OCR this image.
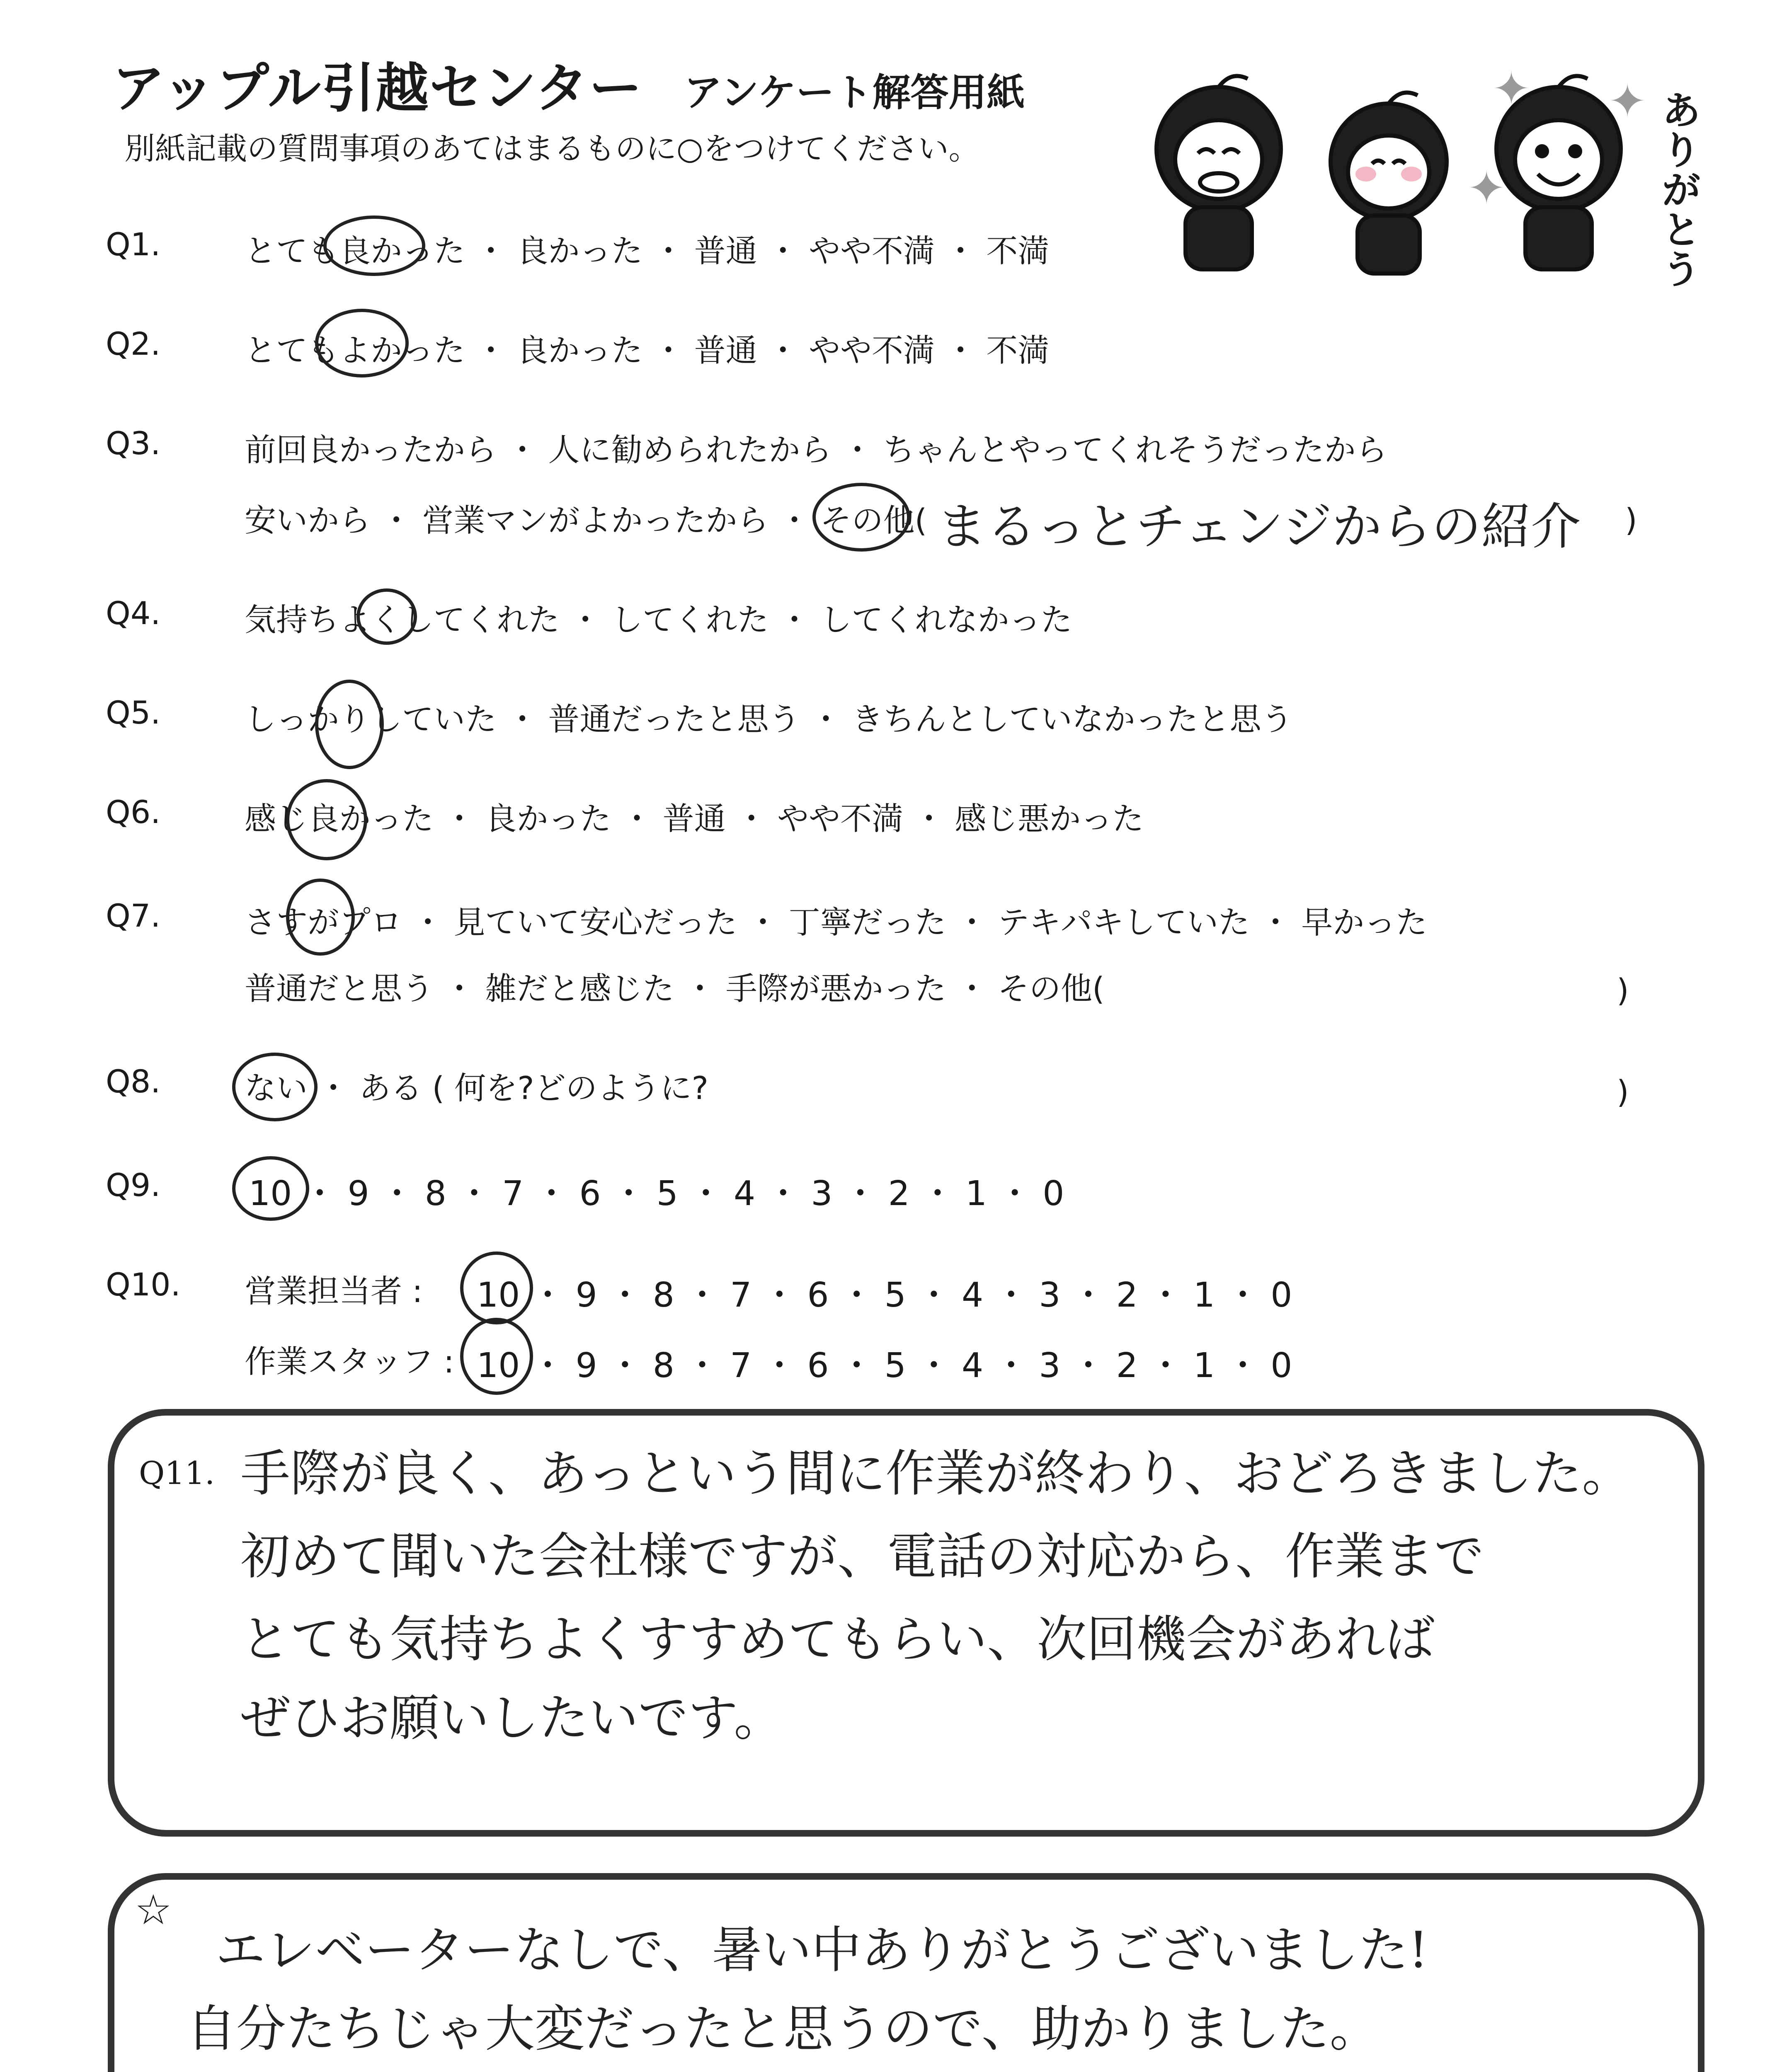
アップル引越センター アンケート解答用紙
別紙記載の質問事項のあてはまるものに○をつけてください。
✦ ✦
✦
ありがとう
Q1.	とても良かった ・ 良かった ・ 普通 ・ やや不満 ・ 不満
Q2.	とてもよかった ・ 良かった ・ 普通 ・ やや不満 ・ 不満
Q3.	前回良かったから ・ 人に勧められたから ・ ちゃんとやってくれそうだったから
安いから ・ 営業マンがよかったから ・ その他( まるっとチェンジからの紹介 )
Q4.	気持ちよくしてくれた ・ してくれた ・ してくれなかった
Q5.	しっかりしていた ・ 普通だったと思う ・ きちんとしていなかったと思う
Q6.	感じ良かった ・ 良かった ・ 普通 ・ やや不満 ・ 感じ悪かった
Q7.	さすがプロ ・ 見ていて安心だった ・ 丁寧だった ・ テキパキしていた ・ 早かった
普通だと思う ・ 雑だと感じた ・ 手際が悪かった ・ その他(	)
Q8.	ない ・ ある ( 何を?どのように?	)
Q9.	10 ・ 9 ・ 8 ・ 7 ・ 6 ・ 5 ・ 4 ・ 3 ・ 2 ・ 1 ・ 0
Q10. 営業担当者 : 10 ・ 9 ・ 8 ・ 7 ・ 6 ・ 5 ・ 4 ・ 3 ・ 2 ・ 1 ・ 0
作業スタッフ : 10 ・ 9 ・ 8 ・ 7 ・ 6 ・ 5 ・ 4 ・ 3 ・ 2 ・ 1 ・ 0
Q11. 手際が良く、あっという間に作業が終わり、おどろきました。
初めて聞いた会社様ですが、電話の対応から、作業まで
とても気持ちよくすすめてもらい、次回機会があれば
ぜひお願いしたいです。
☆
エレベーターなしで、暑い中ありがとうございました!
自分たちじゃ大変だったと思うので、助かりました。
